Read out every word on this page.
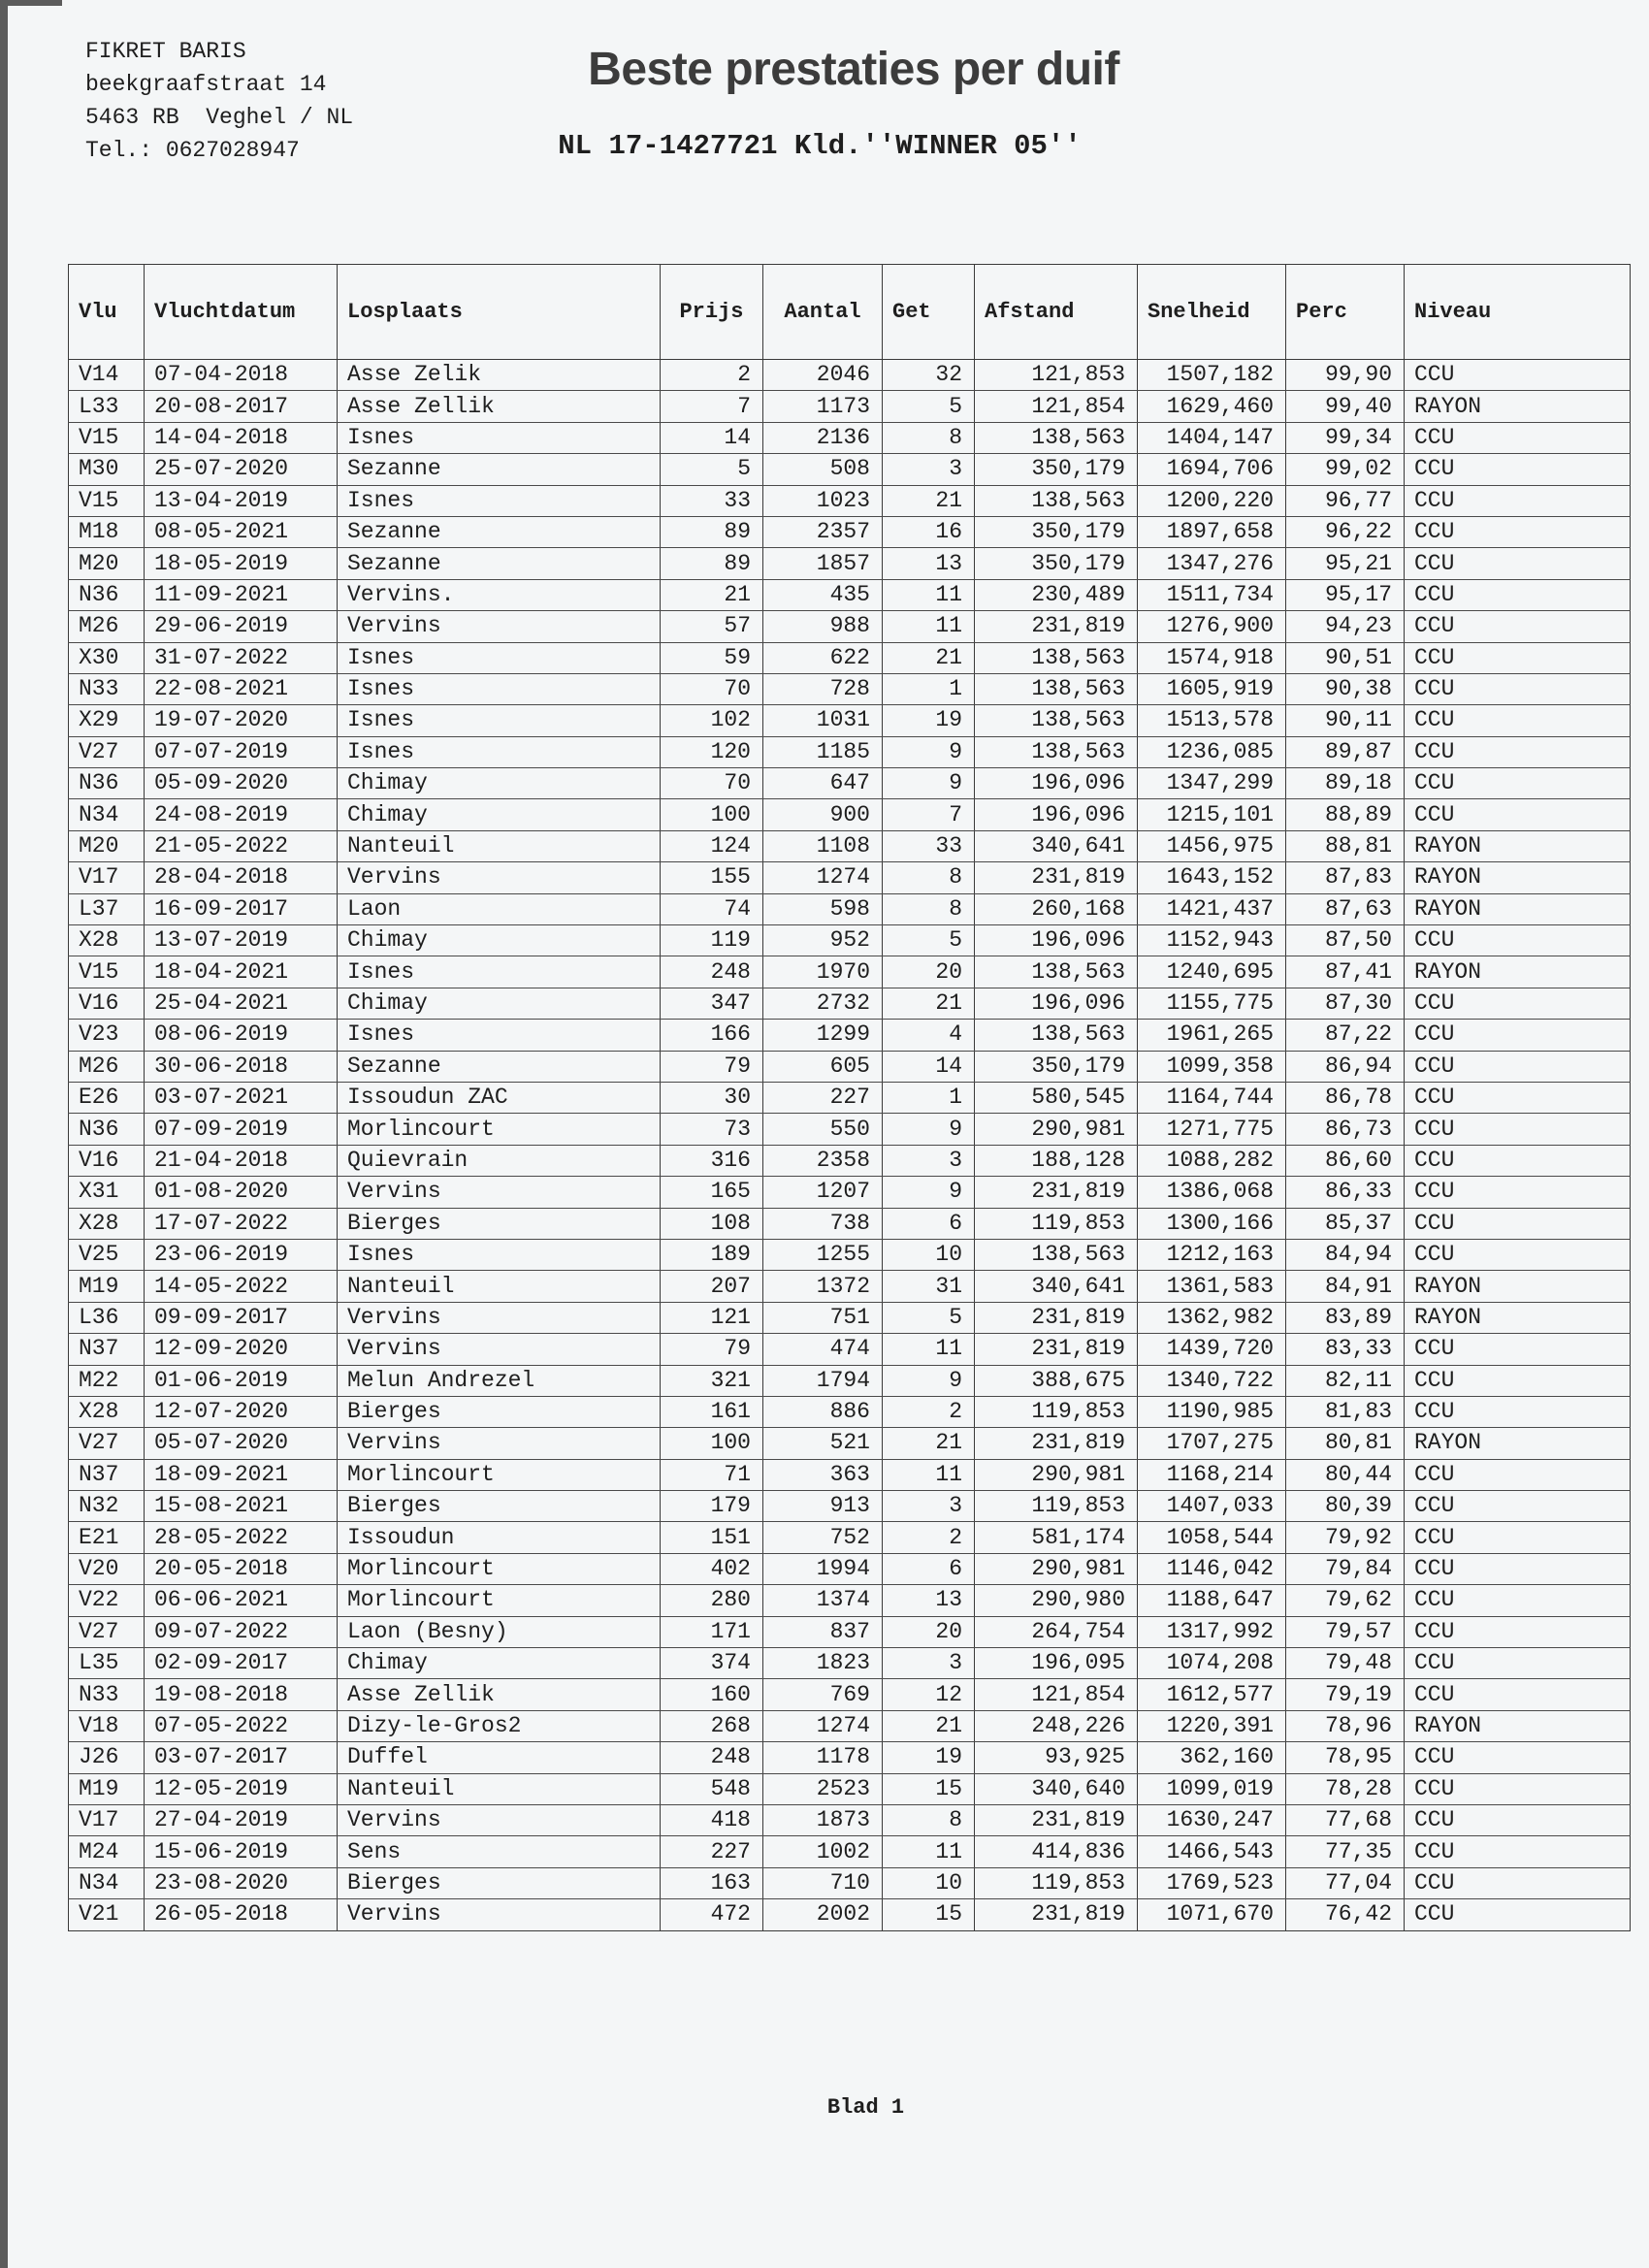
FIKRET BARIS
beekgraafstraat 14
5463 RB  Veghel / NL
Tel.: 0627028947
Beste prestaties per duif
NL 17-1427721 Kld.''WINNER 05''
Vlu	Vluchtdatum	Losplaats	Prijs	Aantal	Get	Afstand	Snelheid	Perc	Niveau
V14	07-04-2018	Asse Zelik	2	2046	32	121,853	1507,182	99,90	CCU
L33	20-08-2017	Asse Zellik	7	1173	5	121,854	1629,460	99,40	RAYON
V15	14-04-2018	Isnes	14	2136	8	138,563	1404,147	99,34	CCU
M30	25-07-2020	Sezanne	5	508	3	350,179	1694,706	99,02	CCU
V15	13-04-2019	Isnes	33	1023	21	138,563	1200,220	96,77	CCU
M18	08-05-2021	Sezanne	89	2357	16	350,179	1897,658	96,22	CCU
M20	18-05-2019	Sezanne	89	1857	13	350,179	1347,276	95,21	CCU
N36	11-09-2021	Vervins.	21	435	11	230,489	1511,734	95,17	CCU
M26	29-06-2019	Vervins	57	988	11	231,819	1276,900	94,23	CCU
X30	31-07-2022	Isnes	59	622	21	138,563	1574,918	90,51	CCU
N33	22-08-2021	Isnes	70	728	1	138,563	1605,919	90,38	CCU
X29	19-07-2020	Isnes	102	1031	19	138,563	1513,578	90,11	CCU
V27	07-07-2019	Isnes	120	1185	9	138,563	1236,085	89,87	CCU
N36	05-09-2020	Chimay	70	647	9	196,096	1347,299	89,18	CCU
N34	24-08-2019	Chimay	100	900	7	196,096	1215,101	88,89	CCU
M20	21-05-2022	Nanteuil	124	1108	33	340,641	1456,975	88,81	RAYON
V17	28-04-2018	Vervins	155	1274	8	231,819	1643,152	87,83	RAYON
L37	16-09-2017	Laon	74	598	8	260,168	1421,437	87,63	RAYON
X28	13-07-2019	Chimay	119	952	5	196,096	1152,943	87,50	CCU
V15	18-04-2021	Isnes	248	1970	20	138,563	1240,695	87,41	RAYON
V16	25-04-2021	Chimay	347	2732	21	196,096	1155,775	87,30	CCU
V23	08-06-2019	Isnes	166	1299	4	138,563	1961,265	87,22	CCU
M26	30-06-2018	Sezanne	79	605	14	350,179	1099,358	86,94	CCU
E26	03-07-2021	Issoudun ZAC	30	227	1	580,545	1164,744	86,78	CCU
N36	07-09-2019	Morlincourt	73	550	9	290,981	1271,775	86,73	CCU
V16	21-04-2018	Quievrain	316	2358	3	188,128	1088,282	86,60	CCU
X31	01-08-2020	Vervins	165	1207	9	231,819	1386,068	86,33	CCU
X28	17-07-2022	Bierges	108	738	6	119,853	1300,166	85,37	CCU
V25	23-06-2019	Isnes	189	1255	10	138,563	1212,163	84,94	CCU
M19	14-05-2022	Nanteuil	207	1372	31	340,641	1361,583	84,91	RAYON
L36	09-09-2017	Vervins	121	751	5	231,819	1362,982	83,89	RAYON
N37	12-09-2020	Vervins	79	474	11	231,819	1439,720	83,33	CCU
M22	01-06-2019	Melun Andrezel	321	1794	9	388,675	1340,722	82,11	CCU
X28	12-07-2020	Bierges	161	886	2	119,853	1190,985	81,83	CCU
V27	05-07-2020	Vervins	100	521	21	231,819	1707,275	80,81	RAYON
N37	18-09-2021	Morlincourt	71	363	11	290,981	1168,214	80,44	CCU
N32	15-08-2021	Bierges	179	913	3	119,853	1407,033	80,39	CCU
E21	28-05-2022	Issoudun	151	752	2	581,174	1058,544	79,92	CCU
V20	20-05-2018	Morlincourt	402	1994	6	290,981	1146,042	79,84	CCU
V22	06-06-2021	Morlincourt	280	1374	13	290,980	1188,647	79,62	CCU
V27	09-07-2022	Laon (Besny)	171	837	20	264,754	1317,992	79,57	CCU
L35	02-09-2017	Chimay	374	1823	3	196,095	1074,208	79,48	CCU
N33	19-08-2018	Asse Zellik	160	769	12	121,854	1612,577	79,19	CCU
V18	07-05-2022	Dizy-le-Gros2	268	1274	21	248,226	1220,391	78,96	RAYON
J26	03-07-2017	Duffel	248	1178	19	93,925	362,160	78,95	CCU
M19	12-05-2019	Nanteuil	548	2523	15	340,640	1099,019	78,28	CCU
V17	27-04-2019	Vervins	418	1873	8	231,819	1630,247	77,68	CCU
M24	15-06-2019	Sens	227	1002	11	414,836	1466,543	77,35	CCU
N34	23-08-2020	Bierges	163	710	10	119,853	1769,523	77,04	CCU
V21	26-05-2018	Vervins	472	2002	15	231,819	1071,670	76,42	CCU
Blad 1
